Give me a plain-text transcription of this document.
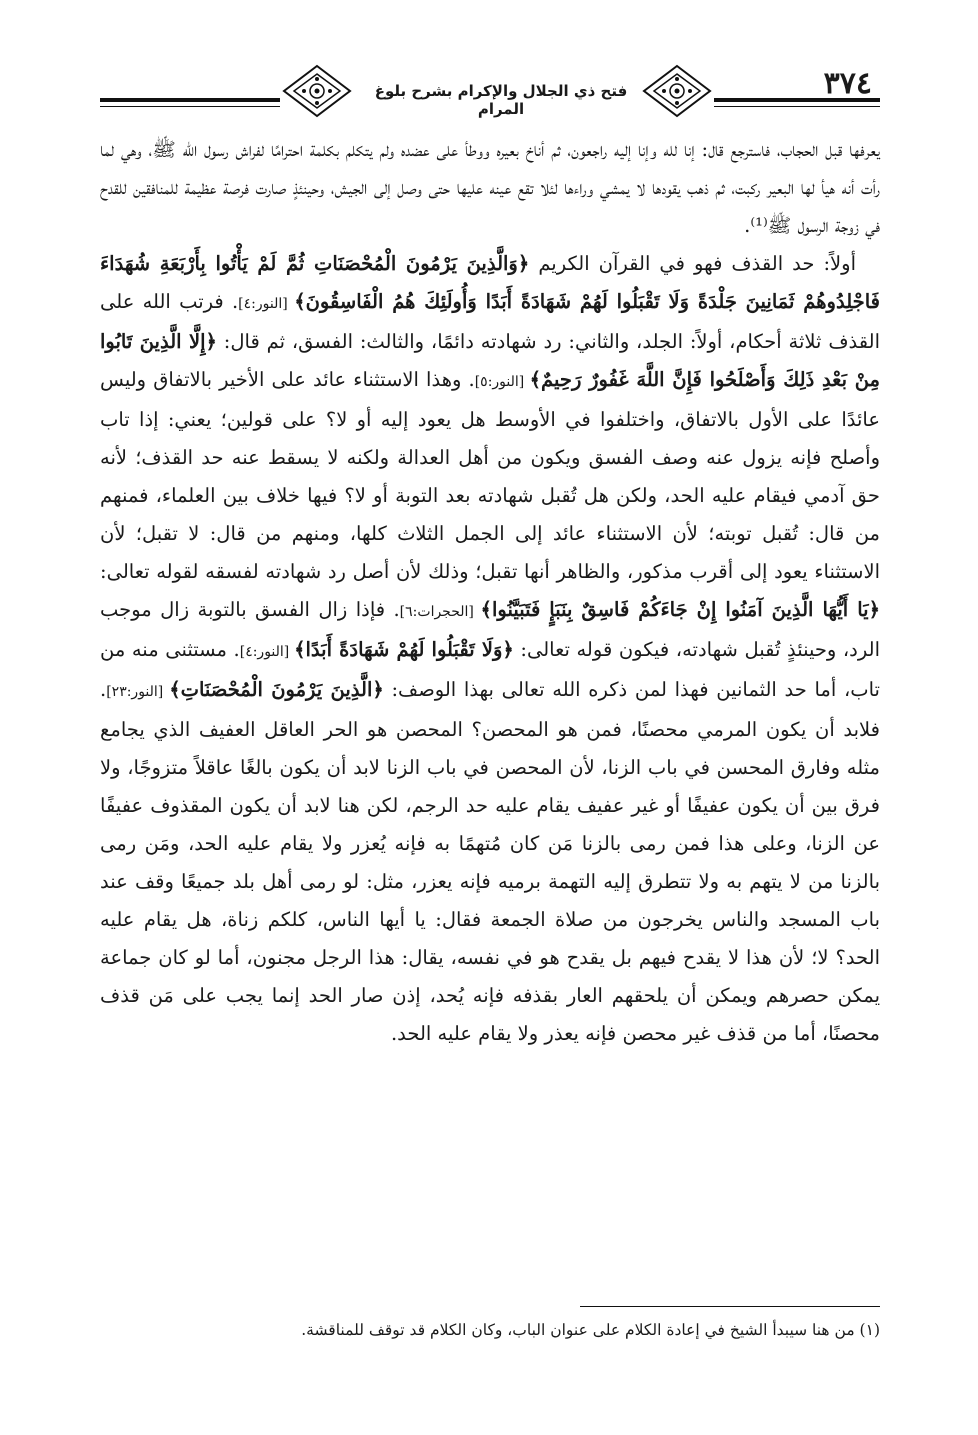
فتح ذي الجلال والإكرام بشرح بلوغ المرام
٣٧٤

يعرفها قبل الحجاب، فاسترجع قال: إنا لله وإنا إليه راجعون، ثم أناخ بعيره ووطأ على عضده ولم يتكلم بكلمة احترامًا لفراش رسول الله ﷺ، وهي لما رأت أنه هيأ لها البعير ركبت، ثم ذهب يقودها لا يمشي وراءها لئلا تقع عينه عليها حتى وصل إلى الجيش، وحينئذٍ صارت فرصة عظيمة للمنافقين للقدح في زوجة الرسول ﷺ⁽¹⁾.

أولاً: حد القذف فهو في القرآن الكريم ﴿وَالَّذِينَ يَرْمُونَ الْمُحْصَنَاتِ ثُمَّ لَمْ يَأْتُوا بِأَرْبَعَةِ شُهَدَاءَ فَاجْلِدُوهُمْ ثَمَانِينَ جَلْدَةً وَلَا تَقْبَلُوا لَهُمْ شَهَادَةً أَبَدًا وَأُولَئِكَ هُمُ الْفَاسِقُونَ﴾ [النور:٤]. فرتب الله على القذف ثلاثة أحكام، أولاً: الجلد، والثاني: رد شهادته دائمًا، والثالث: الفسق، ثم قال: ﴿إِلَّا الَّذِينَ تَابُوا مِنْ بَعْدِ ذَلِكَ وَأَصْلَحُوا فَإِنَّ اللَّهَ غَفُورٌ رَحِيمٌ﴾ [النور:٥]. وهذا الاستثناء عائد على الأخير بالاتفاق وليس عائدًا على الأول بالاتفاق، واختلفوا في الأوسط هل يعود إليه أو لا؟ على قولين؛ يعني: إذا تاب وأصلح فإنه يزول عنه وصف الفسق ويكون من أهل العدالة ولكنه لا يسقط عنه حد القذف؛ لأنه حق آدمي فيقام عليه الحد، ولكن هل تُقبل شهادته بعد التوبة أو لا؟ فيها خلاف بين العلماء، فمنهم من قال: تُقبل توبته؛ لأن الاستثناء عائد إلى الجمل الثلاث كلها، ومنهم من قال: لا تقبل؛ لأن الاستثناء يعود إلى أقرب مذكور، والظاهر أنها تقبل؛ وذلك لأن أصل رد شهادته لفسقه لقوله تعالى: ﴿يَا أَيُّهَا الَّذِينَ آمَنُوا إِنْ جَاءَكُمْ فَاسِقٌ بِنَبَإٍ فَتَبَيَّنُوا﴾ [الحجرات:٦]. فإذا زال الفسق بالتوبة زال موجب الرد، وحينئذٍ تُقبل شهادته، فيكون قوله تعالى: ﴿وَلَا تَقْبَلُوا لَهُمْ شَهَادَةً أَبَدًا﴾ [النور:٤]. مستثنى منه من تاب، أما حد الثمانين فهذا لمن ذكره الله تعالى بهذا الوصف: ﴿الَّذِينَ يَرْمُونَ الْمُحْصَنَاتِ﴾ [النور:٢٣]. فلابد أن يكون المرمي محصنًا، فمن هو المحصن؟ المحصن هو الحر العاقل العفيف الذي يجامع مثله وفارق المحسن في باب الزنا، لأن المحصن في باب الزنا لابد أن يكون بالغًا عاقلاً متزوجًا، ولا فرق بين أن يكون عفيفًا أو غير عفيف يقام عليه حد الرجم، لكن هنا لابد أن يكون المقذوف عفيفًا عن الزنا، وعلى هذا فمن رمى بالزنا مَن كان مُتهمًا به فإنه يُعزر ولا يقام عليه الحد، ومَن رمى بالزنا من لا يتهم به ولا تتطرق إليه التهمة برميه فإنه يعزر، مثل: لو رمى أهل بلد جميعًا وقف عند باب المسجد والناس يخرجون من صلاة الجمعة فقال: يا أيها الناس، كلكم زناة، هل يقام عليه الحد؟ لا؛ لأن هذا لا يقدح فيهم بل يقدح هو في نفسه، يقال: هذا الرجل مجنون، أما لو كان جماعة يمكن حصرهم ويمكن أن يلحقهم العار بقذفه فإنه يُحد، إذن صار الحد إنما يجب على مَن قذف محصنًا، أما من قذف غير محصن فإنه يعذر ولا يقام عليه الحد.

(١) من هنا سيبدأ الشيخ في إعادة الكلام على عنوان الباب، وكان الكلام قد توقف للمناقشة.
